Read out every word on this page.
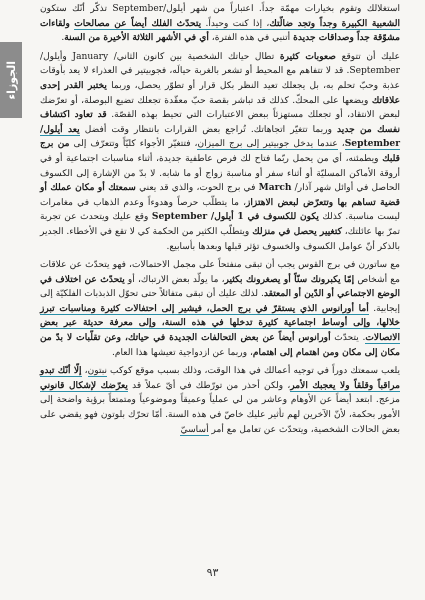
الجوزاء

استغلالك وتقوم بخيارات مهمّة جداً. اعتباراً من شهر أيلول/September تذكّر أنّك ستكون الشعبية الكبيرة وجداً وتجد ضالّتك، إذا كنت وحيداً. يتحدّث الفلك أيضاً عن مصالحات ولقاءات مشوّقة جداً وصداقات جديدة أتنبي في هذه الفترة، أي في الأشهر الثلاثة الأخيرة من السنة.

عليك أن تتوقع صعوبات كثيرة تطال حياتك الشخصية بين كانون الثاني/ January وأيلول/ September. قد لا تتفاهم مع المحيط أو تشعر بالغربة حيالَه، فجوبيتير في العذراء لا يعد بأوقات عذبة وحبّ تحلم به، بل يجعلك تعيد النظر بكل قرار أو تطوّر يحصل، وربما يختبر القدر إحدى علاقاتك ويضعها على المحكّ. كذلك قد تباشر بقصة حبّ معقّدة تجعلك تضيع البوصلة، أو تعرّضك لبعض الانتقاد، أو تجعلك مستهزئاً ببعض الاعتبارات التي تحيط بهذه القصّة. قد تعاود اكتشاف نفسك من جديد وربما تتغيّر اتجاهاتك. تُراجع بعض القرارات بانتظار وقت أفضل يعد أيلول/ September، عندما يدخل جوبيتير إلى برج الميزان، فتتغيّر الأجواء كليّاً وتتعرّف إلى من برج قلبك ويطمئنه، أي من يحمل ربّما فتاح لك فرص عاطفية جديدة، أثناء مناسبات اجتماعية أو في أروقة الأماكن المسليّة أو أثناء سفر أو مناسبة زواج أو ما شابه. لا بدّ من الإشارة إلى الكسوف الحاصل في أوائل شهر آذار/ March في برج الحوت، والذي قد يعني سمعتك أو مكان عملك أو قضية تساهم بها وتتعرّض لبعض الاهتزاز، ما يتطلّب حرصاً وهدوءاً وعدم الذهاب في مغامرات ليست مناسبة. كذلك يكون للكسوف في 1 أيلول/ September وقع عليك ويتحدث عن تجربة تمرّ بها عائلتك، كتغيير يحصل في منزلك ويتطلّب الكثير من الحكمة كي لا تقع في الأخطاء. الجدير بالذكر أنّ عوامل الكسوف والخسوف تؤثر قبلها وبعدها بأسابيع.

مع ساتورن في برج القوس يجب أن تبقى منفتحاً على مجمل الاحتمالات، فهو يتحدّث عن علاقات مع أشخاص إمّا يكبرونك سنّاً أو يصغرونك بكثير، ما يولّد بعض الارتباك، أو يتحدّث عن اختلاف في الوضع الاجتماعي أو الدّين أو المعتقد. لذلك عليك أن تبقى متفائلاً حتى تحوّل الذبذبات الفلكيّة إلى إيجابية. أما أورانوس الذي يستقرّ في برج الحمل، فيشير إلى احتفالات كثيرة ومناسبات تبرز خلالها، وإلى أوساط اجتماعية كثيرة تدخلها في هذه السنة، وإلى معرفة حديثة عبر بعض الاتصالات. يتحدّث أورانوس أيضاً عن بعض التحالفات الجديدة في حياتك، وعن تقلّبات لا بدّ من مكان إلى مكان ومن اهتمام إلى اهتمام، وربما عن ازدواجية تعيشها هذا العام.

يلعب سمعتك دوراً في توجيه أعمالك في هذا الوقت، وذلك بسبب موقع كوكب نبتون، إلّا أنّك تبدو مراقباً وقلقاً ولا يعجبك الأمر، ولكن أحذر من تورّطك في أيّ عملاً قد يعرّضك لإشكال قانوني مزعج. ابتعد أيضاً عن الأوهام وعاشر من لي عملياً وعميقاً وموضوعياً ومتمتعاً برؤية واضحة إلى الأمور بحكمة، لأنّ الآخرين لهم تأثير عليك خاصّ في هذه السنة. أمّا تحرّك بلوتون فهو يقضي على بعض الحالات الشخصية، ويتحدّث عن تعامل مع أمر أساسيّ

٩٣
